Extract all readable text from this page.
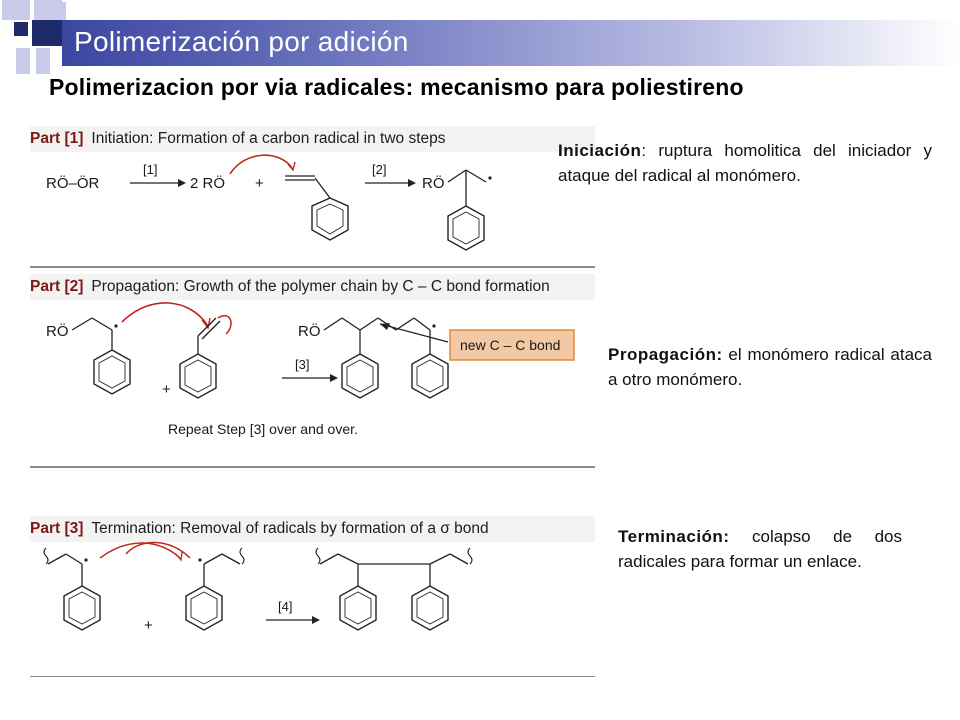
Polimerización por adición
Polimerizacion por via radicales: mecanismo para poliestireno
Part [1] Initiation: Formation of a carbon radical in two steps
RÖ–ÖR
[1]
2 RÖ +
[2]
RÖ
Part [2] Propagation: Growth of the polymer chain by C – C bond formation
RÖ
+
[3]
RÖ
new C – C bond
Repeat Step [3] over and over.
Part [3] Termination: Removal of radicals by formation of a σ bond
+
[4]
Iniciación: ruptura homolitica del iniciador y ataque del radical al monómero.
Propagación: el monómero radical ataca a otro monómero.
Terminación: colapso de dos radicales para formar un enlace.
